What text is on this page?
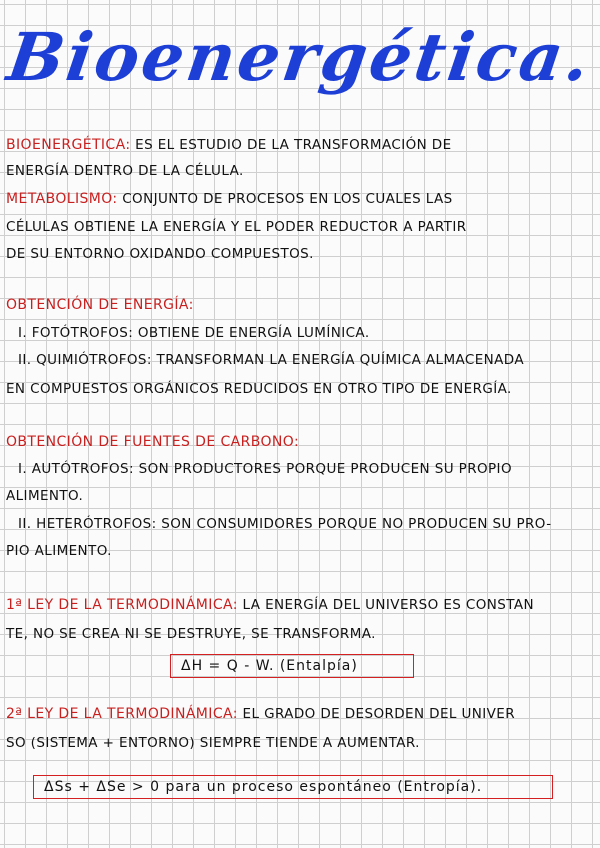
Bioenergética.
BIOENERGÉTICA: ES EL ESTUDIO DE LA TRANSFORMACIÓN DE
ENERGÍA DENTRO DE LA CÉLULA.
METABOLISMO: CONJUNTO DE PROCESOS EN LOS CUALES LAS
CÉLULAS OBTIENE LA ENERGÍA Y EL PODER REDUCTOR A PARTIR
DE SU ENTORNO OXIDANDO COMPUESTOS.
OBTENCIÓN DE ENERGÍA:
I. FOTÓTROFOS: OBTIENE DE ENERGÍA LUMÍNICA.
II. QUIMIÓTROFOS: TRANSFORMAN LA ENERGÍA QUÍMICA ALMACENADA
EN COMPUESTOS ORGÁNICOS REDUCIDOS EN OTRO TIPO DE ENERGÍA.
OBTENCIÓN DE FUENTES DE CARBONO:
I. AUTÓTROFOS: SON PRODUCTORES PORQUE PRODUCEN SU PROPIO
ALIMENTO.
II. HETERÓTROFOS: SON CONSUMIDORES PORQUE NO PRODUCEN SU PRO-
PIO ALIMENTO.
1ª LEY DE LA TERMODINÁMICA: LA ENERGÍA DEL UNIVERSO ES CONSTAN
TE, NO SE CREA NI SE DESTRUYE, SE TRANSFORMA.
ΔH = Q - W. (Entalpía)
2ª LEY DE LA TERMODINÁMICA: EL GRADO DE DESORDEN DEL UNIVER
SO (SISTEMA + ENTORNO) SIEMPRE TIENDE A AUMENTAR.
ΔSs + ΔSe > 0 para un proceso espontáneo (Entropía).
